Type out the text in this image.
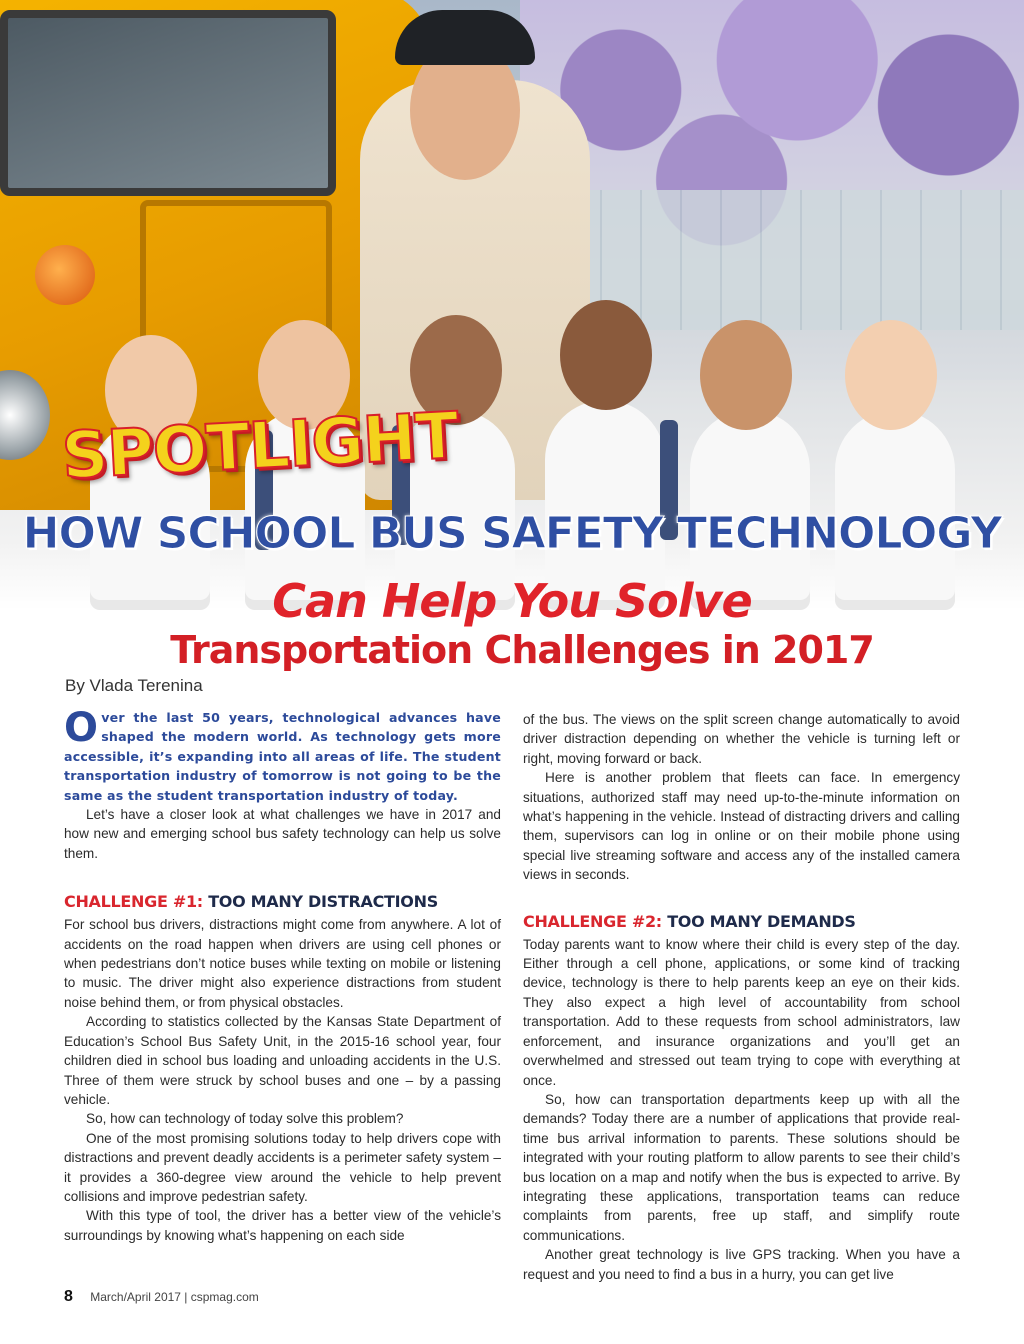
SPOTLIGHT
HOW SCHOOL BUS SAFETY TECHNOLOGY
Can Help You Solve
Transportation Challenges in 2017
By Vlada Terenina

Over the last 50 years, technological advances have shaped the modern world. As technology gets more accessible, it’s expanding into all areas of life. The student transportation industry of tomorrow is not going to be the same as the student transportation industry of today.

Let’s have a closer look at what challenges we have in 2017 and how new and emerging school bus safety technology can help us solve them.

CHALLENGE #1: TOO MANY DISTRACTIONS

For school bus drivers, distractions might come from anywhere. A lot of accidents on the road happen when drivers are using cell phones or when pedestrians don’t notice buses while texting on mobile or listening to music. The driver might also experience distractions from student noise behind them, or from physical obstacles.

According to statistics collected by the Kansas State Department of Education’s School Bus Safety Unit, in the 2015-16 school year, four children died in school bus loading and unloading accidents in the U.S. Three of them were struck by school buses and one – by a passing vehicle.

So, how can technology of today solve this problem?

One of the most promising solutions today to help drivers cope with distractions and prevent deadly accidents is a perimeter safety system – it provides a 360-degree view around the vehicle to help prevent collisions and improve pedestrian safety.

With this type of tool, the driver has a better view of the vehicle’s surroundings by knowing what’s happening on each side

of the bus. The views on the split screen change automatically to avoid driver distraction depending on whether the vehicle is turning left or right, moving forward or back.

Here is another problem that fleets can face. In emergency situations, authorized staff may need up-to-the-minute information on what’s happening in the vehicle. Instead of distracting drivers and calling them, supervisors can log in online or on their mobile phone using special live streaming software and access any of the installed camera views in seconds.

CHALLENGE #2: TOO MANY DEMANDS

Today parents want to know where their child is every step of the day. Either through a cell phone, applications, or some kind of tracking device, technology is there to help parents keep an eye on their kids. They also expect a high level of accountability from school transportation. Add to these requests from school administrators, law enforcement, and insurance organizations and you’ll get an overwhelmed and stressed out team trying to cope with everything at once.

So, how can transportation departments keep up with all the demands? Today there are a number of applications that provide real-time bus arrival information to parents. These solutions should be integrated with your routing platform to allow parents to see their child’s bus location on a map and notify when the bus is expected to arrive. By integrating these applications, transportation teams can reduce complaints from parents, free up staff, and simplify route communications.

Another great technology is live GPS tracking. When you have a request and you need to find a bus in a hurry, you can get live

8 March/April 2017 | cspmag.com
